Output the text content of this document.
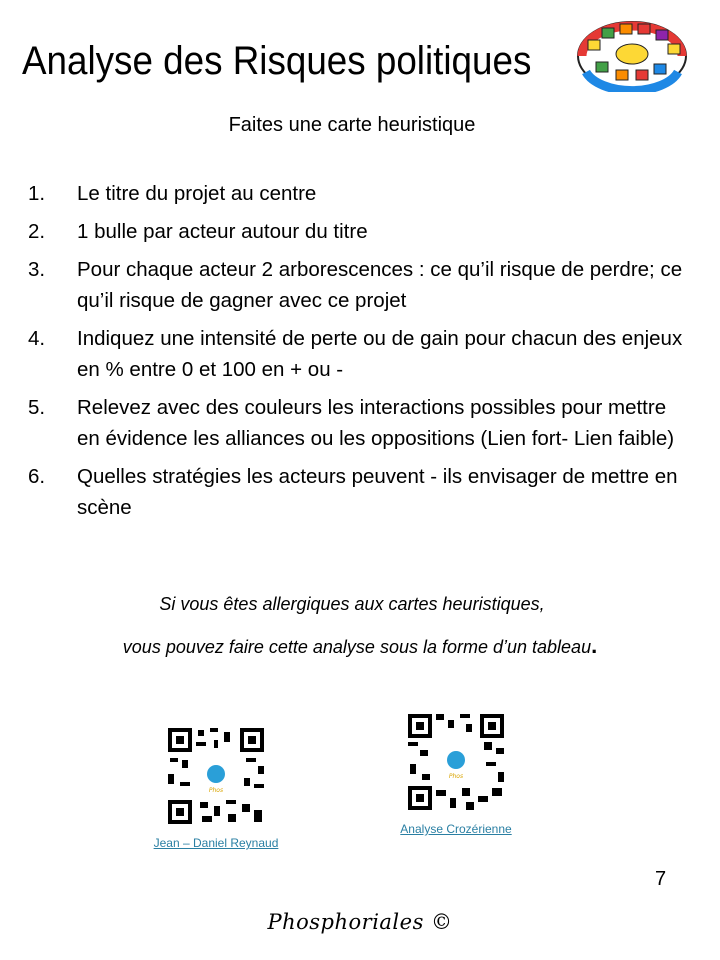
Analyse des Risques politiques
Faites une carte heuristique
1.	Le titre du projet au centre
2.	1 bulle par acteur autour du titre
3.	Pour chaque acteur 2 arborescences : ce qu’il risque de perdre; ce qu’il risque de gagner avec ce projet
4.	Indiquez une intensité de perte ou de gain pour chacun des enjeux en % entre 0 et 100 en + ou -
5.	Relevez avec des couleurs les interactions possibles pour mettre en évidence les alliances ou les oppositions (Lien fort- Lien faible)
6.	Quelles stratégies les acteurs peuvent - ils envisager de mettre en scène
Si vous êtes allergiques aux cartes heuristiques,
vous pouvez faire cette analyse sous la forme d’un tableau.
Phos
Jean – Daniel Reynaud
Phos
Analyse Crozérienne
7
Phosphoriales ©
